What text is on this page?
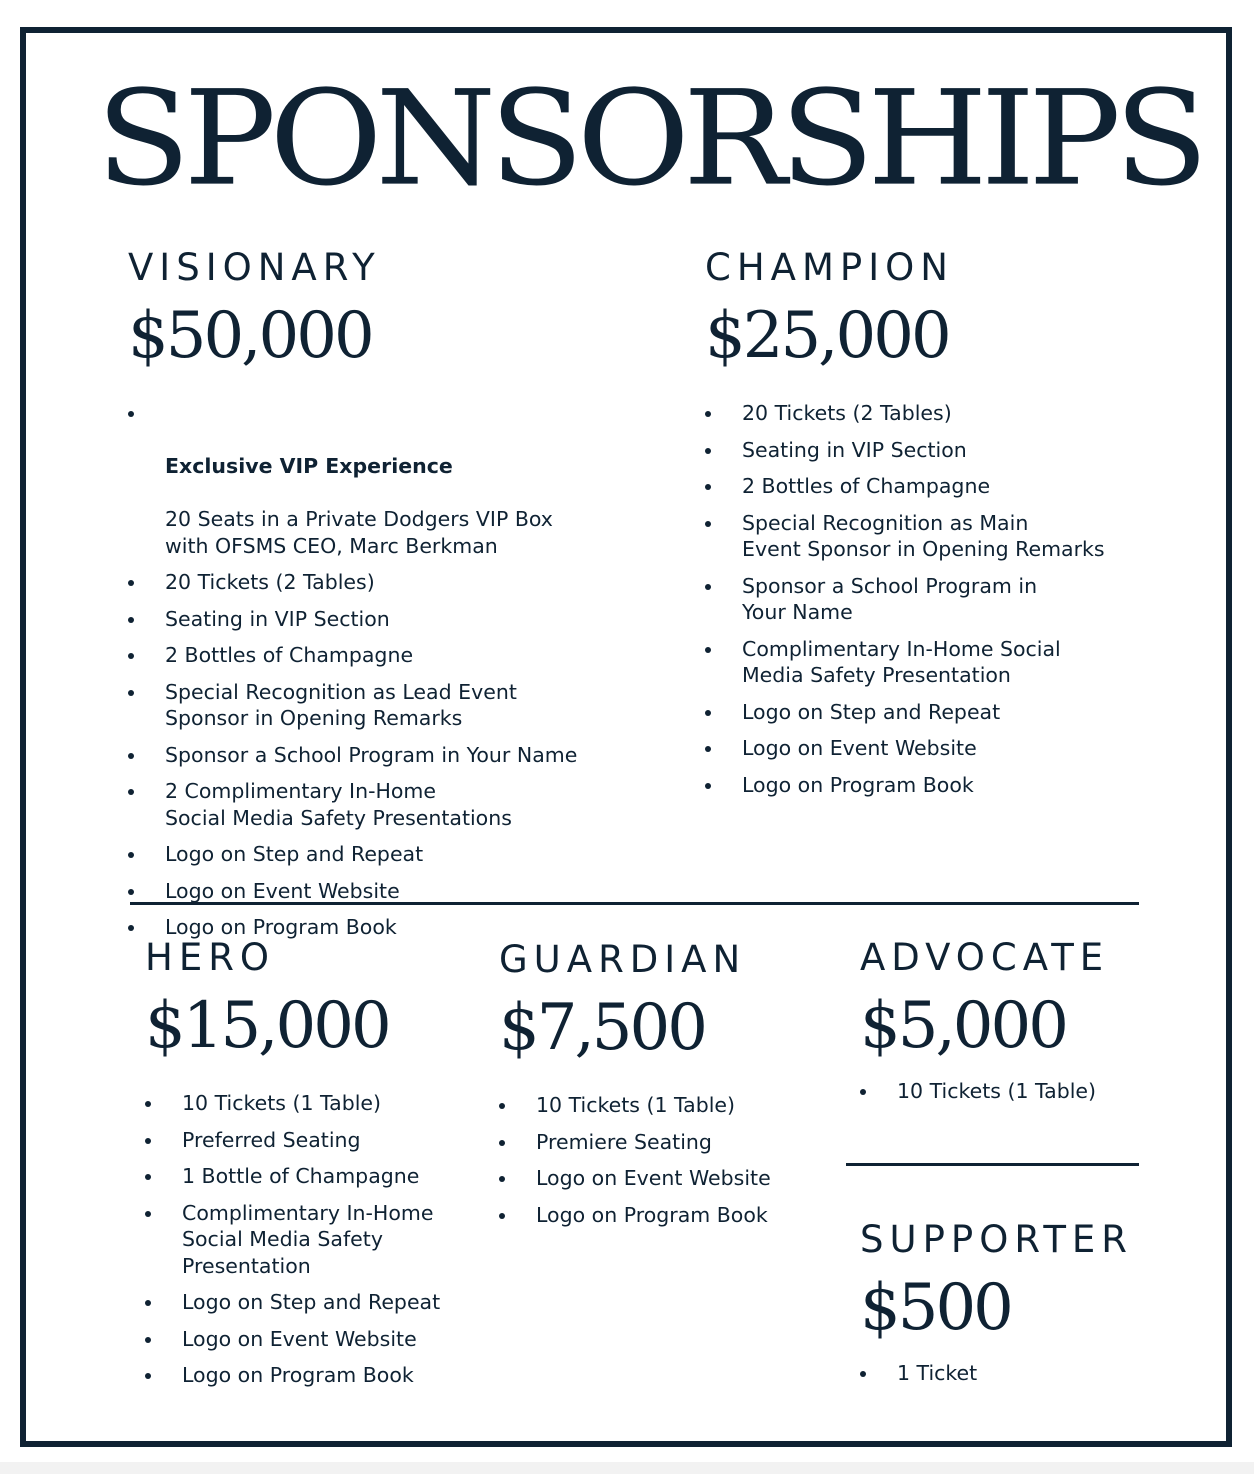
SPONSORSHIPS
VISIONARY
$50,000

Exclusive VIP Experience

20 Seats in a Private Dodgers VIP Box
with OFSMS CEO, Marc Berkman

20 Tickets (2 Tables)
Seating in VIP Section
2 Bottles of Champagne
Special Recognition as Lead Event
Sponsor in Opening Remarks
Sponsor a School Program in Your Name
2 Complimentary In-Home
Social Media Safety Presentations
Logo on Step and Repeat
Logo on Event Website
Logo on Program Book
CHAMPION
$25,000
20 Tickets (2 Tables)
Seating in VIP Section
2 Bottles of Champagne
Special Recognition as Main
Event Sponsor in Opening Remarks
Sponsor a School Program in
Your Name
Complimentary In-Home Social
Media Safety Presentation
Logo on Step and Repeat
Logo on Event Website
Logo on Program Book
HERO
$15,000
10 Tickets (1 Table)
Preferred Seating
1 Bottle of Champagne
Complimentary In-Home
Social Media Safety
Presentation
Logo on Step and Repeat
Logo on Event Website
Logo on Program Book
GUARDIAN
$7,500
10 Tickets (1 Table)
Premiere Seating
Logo on Event Website
Logo on Program Book
ADVOCATE
$5,000
10 Tickets (1 Table)
SUPPORTER
$500
1 Ticket
